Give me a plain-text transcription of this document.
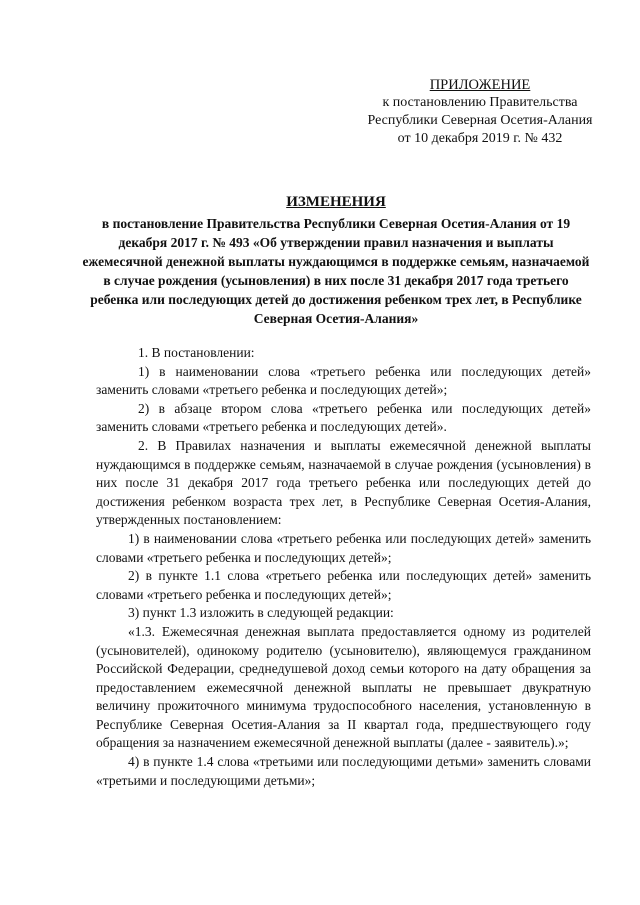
ПРИЛОЖЕНИЕ
к постановлению Правительства
Республики Северная Осетия-Алания
от 10 декабря 2019 г. № 432
ИЗМЕНЕНИЯ
в постановление Правительства Республики Северная Осетия-Алания от 19 декабря 2017 г. № 493 «Об утверждении правил назначения и выплаты ежемесячной денежной выплаты нуждающимся в поддержке семьям, назначаемой в случае рождения (усыновления) в них после 31 декабря 2017 года третьего ребенка или последующих детей до достижения ребенком трех лет, в Республике Северная Осетия-Алания»

1. В постановлении:

1) в наименовании слова «третьего ребенка или последующих детей» заменить словами «третьего ребенка и последующих детей»;

2) в абзаце втором слова «третьего ребенка или последующих детей» заменить словами «третьего ребенка и последующих детей».

2. В Правилах назначения и выплаты ежемесячной денежной выплаты нуждающимся в поддержке семьям, назначаемой в случае рождения (усыновления) в них после 31 декабря 2017 года третьего ребенка или последующих детей до достижения ребенком возраста трех лет, в Республике Северная Осетия-Алания, утвержденных постановлением:

1) в наименовании слова «третьего ребенка или последующих детей» заменить словами «третьего ребенка и последующих детей»;

2) в пункте 1.1 слова «третьего ребенка или последующих детей» заменить словами «третьего ребенка и последующих детей»;

3) пункт 1.3 изложить в следующей редакции:

«1.3. Ежемесячная денежная выплата предоставляется одному из родителей (усыновителей), одинокому родителю (усыновителю), являющемуся гражданином Российской Федерации, среднедушевой доход семьи которого на дату обращения за предоставлением ежемесячной денежной выплаты не превышает двукратную величину прожиточного минимума трудоспособного населения, установленную в Республике Северная Осетия-Алания за II квартал года, предшествующего году обращения за назначением ежемесячной денежной выплаты (далее - заявитель).»;

4) в пункте 1.4 слова «третьими или последующими детьми» заменить словами «третьими и последующими детьми»;
